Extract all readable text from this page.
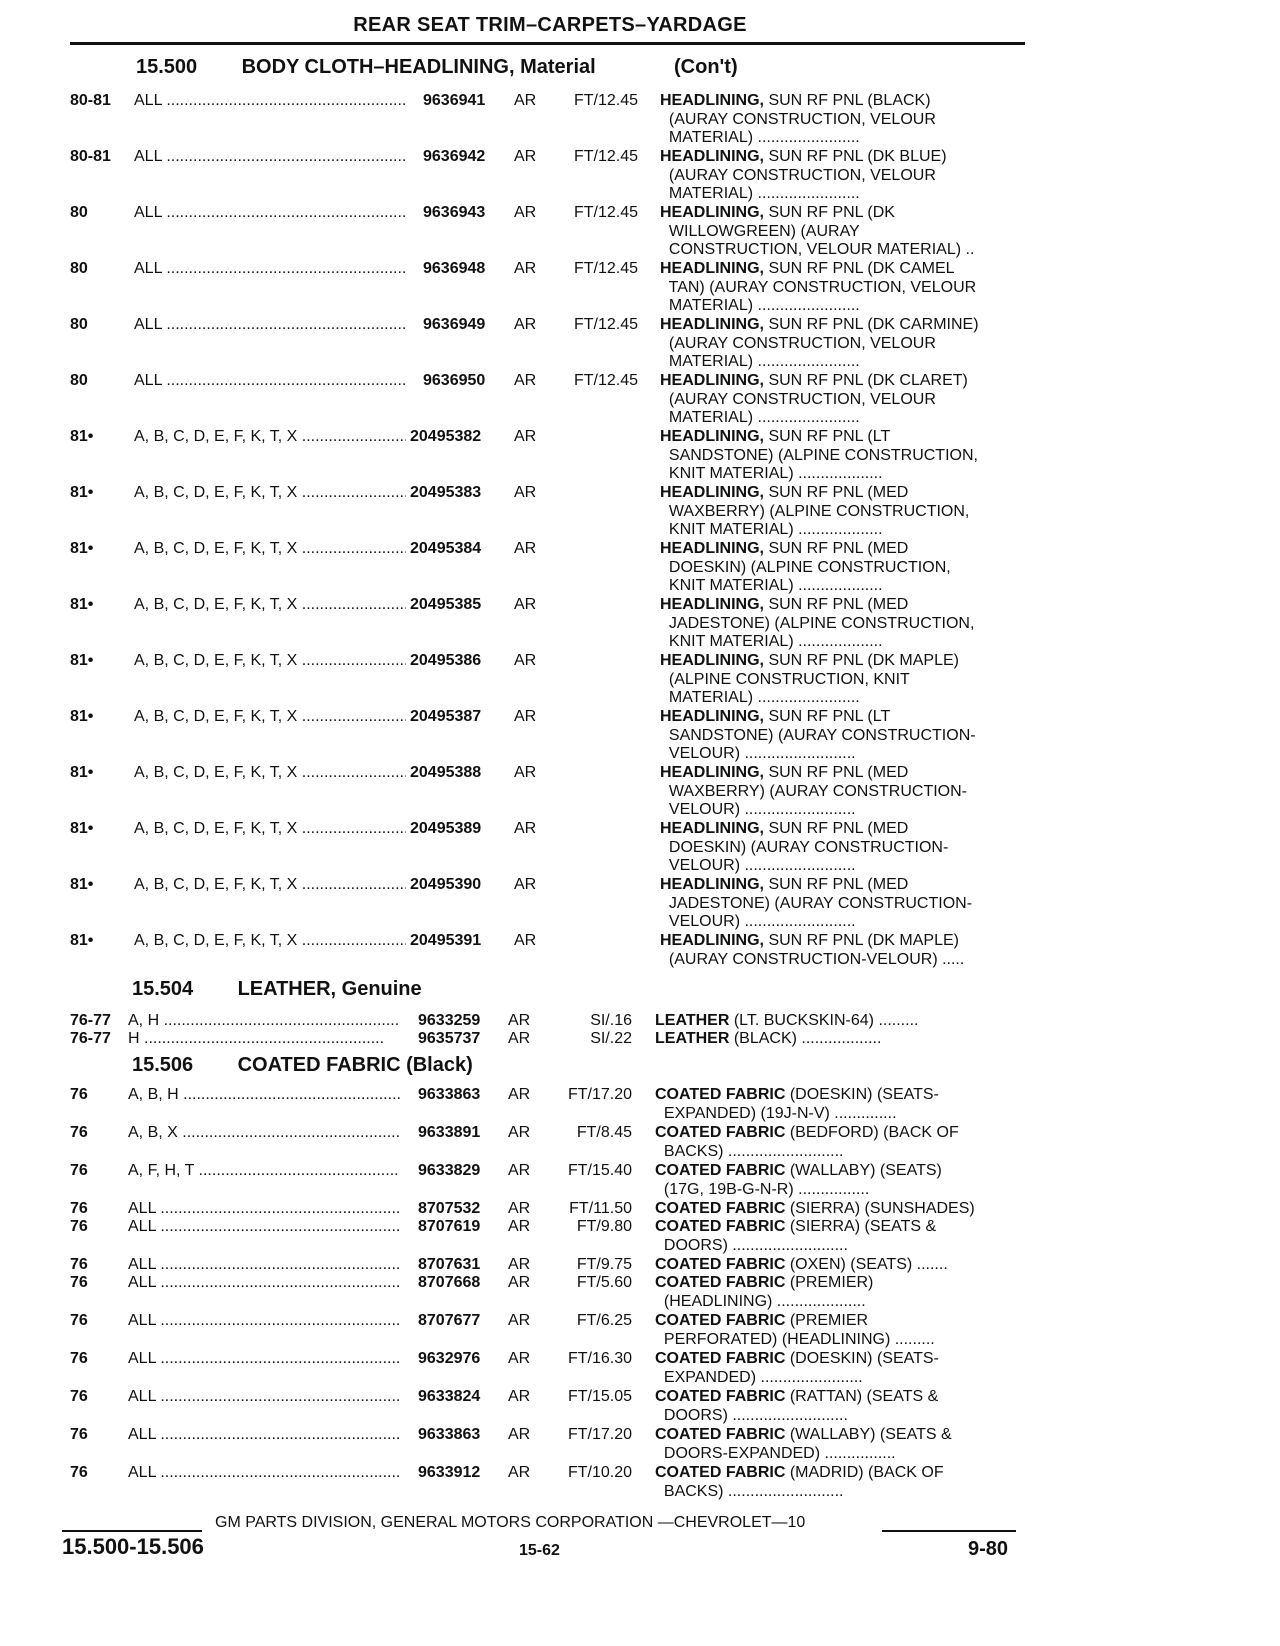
REAR SEAT TRIM–CARPETS–YARDAGE
15.500 BODY CLOTH–HEADLINING, Material	(Con't)
15.504 LEATHER, Genuine
15.506 COATED FABRIC (Black)
80-81 ALL .....	9636941 AR	FT/12.45 HEADLINING, SUN RF PNL (BLACK)
(AURAY CONSTRUCTION, VELOUR
MATERIAL) .......................
80-81 ALL .....	9636942 AR	FT/12.45 HEADLINING, SUN RF PNL (DK BLUE)
(AURAY CONSTRUCTION, VELOUR
MATERIAL) .......................
80	ALL .....	9636943 AR	FT/12.45 HEADLINING, SUN RF PNL (DK
WILLOWGREEN) (AURAY
CONSTRUCTION, VELOUR MATERIAL) ..
80	ALL .....	9636948 AR	FT/12.45 HEADLINING, SUN RF PNL (DK CAMEL
TAN) (AURAY CONSTRUCTION, VELOUR
MATERIAL) .......................
80	ALL .....	9636949 AR	FT/12.45 HEADLINING, SUN RF PNL (DK CARMINE)
(AURAY CONSTRUCTION, VELOUR
MATERIAL) .......................
80	ALL .....	9636950 AR	FT/12.45 HEADLINING, SUN RF PNL (DK CLARET)
(AURAY CONSTRUCTION, VELOUR
MATERIAL) .......................
81•	A, B, C, D, E, F, K, T, X .....	20495382 AR	HEADLINING, SUN RF PNL (LT
SANDSTONE) (ALPINE CONSTRUCTION,
KNIT MATERIAL) ...................
81•	A, B, C, D, E, F, K, T, X .....	20495383 AR	HEADLINING, SUN RF PNL (MED
WAXBERRY) (ALPINE CONSTRUCTION,
KNIT MATERIAL) ...................
81•	A, B, C, D, E, F, K, T, X .....	20495384 AR	HEADLINING, SUN RF PNL (MED
DOESKIN) (ALPINE CONSTRUCTION,
KNIT MATERIAL) ...................
81•	A, B, C, D, E, F, K, T, X .....	20495385 AR	HEADLINING, SUN RF PNL (MED
JADESTONE) (ALPINE CONSTRUCTION,
KNIT MATERIAL) ...................
81•	A, B, C, D, E, F, K, T, X .....	20495386 AR	HEADLINING, SUN RF PNL (DK MAPLE)
(ALPINE CONSTRUCTION, KNIT
MATERIAL) .......................
81•	A, B, C, D, E, F, K, T, X .....	20495387 AR	HEADLINING, SUN RF PNL (LT
SANDSTONE) (AURAY CONSTRUCTION-
VELOUR) .........................
81•	A, B, C, D, E, F, K, T, X .....	20495388 AR	HEADLINING, SUN RF PNL (MED
WAXBERRY) (AURAY CONSTRUCTION-
VELOUR) .........................
81•	A, B, C, D, E, F, K, T, X .....	20495389 AR	HEADLINING, SUN RF PNL (MED
DOESKIN) (AURAY CONSTRUCTION-
VELOUR) .........................
81•	A, B, C, D, E, F, K, T, X .....	20495390 AR	HEADLINING, SUN RF PNL (MED
JADESTONE) (AURAY CONSTRUCTION-
VELOUR) .........................
81•	A, B, C, D, E, F, K, T, X .....	20495391 AR	HEADLINING, SUN RF PNL (DK MAPLE)
(AURAY CONSTRUCTION-VELOUR) .....
76-77 A, H .....	9633259 AR	SI/.16 LEATHER (LT. BUCKSKIN-64) .........
76-77 H .....	9635737 AR	SI/.22 LEATHER (BLACK) ..................
76	A, B, H .....	9633863 AR	FT/17.20 COATED FABRIC (DOESKIN) (SEATS-
EXPANDED) (19J-N-V) ..............
76	A, B, X .....	9633891 AR	FT/8.45 COATED FABRIC (BEDFORD) (BACK OF
BACKS) ..........................
76	A, F, H, T .....	9633829 AR	FT/15.40 COATED FABRIC (WALLABY) (SEATS)
(17G, 19B-G-N-R) ................
76	ALL .....	8707532 AR	FT/11.50 COATED FABRIC (SIERRA) (SUNSHADES)
76	ALL .....	8707619 AR	FT/9.80 COATED FABRIC (SIERRA) (SEATS &
DOORS) ..........................
76	ALL .....	8707631 AR	FT/9.75 COATED FABRIC (OXEN) (SEATS) .......
76	ALL .....	8707668 AR	FT/5.60 COATED FABRIC (PREMIER)
(HEADLINING) ....................
76	ALL .....	8707677 AR	FT/6.25 COATED FABRIC (PREMIER
PERFORATED) (HEADLINING) .........
76	ALL .....	9632976 AR	FT/16.30 COATED FABRIC (DOESKIN) (SEATS-
EXPANDED) .......................
76	ALL .....	9633824 AR	FT/15.05 COATED FABRIC (RATTAN) (SEATS &
DOORS) ..........................
76	ALL .....	9633863 AR	FT/17.20 COATED FABRIC (WALLABY) (SEATS &
DOORS-EXPANDED) ................
76	ALL .....	9633912 AR	FT/10.20 COATED FABRIC (MADRID) (BACK OF
BACKS) ..........................
GM PARTS DIVISION, GENERAL MOTORS CORPORATION —CHEVROLET—10
15.500-15.506	15-62	9-80
